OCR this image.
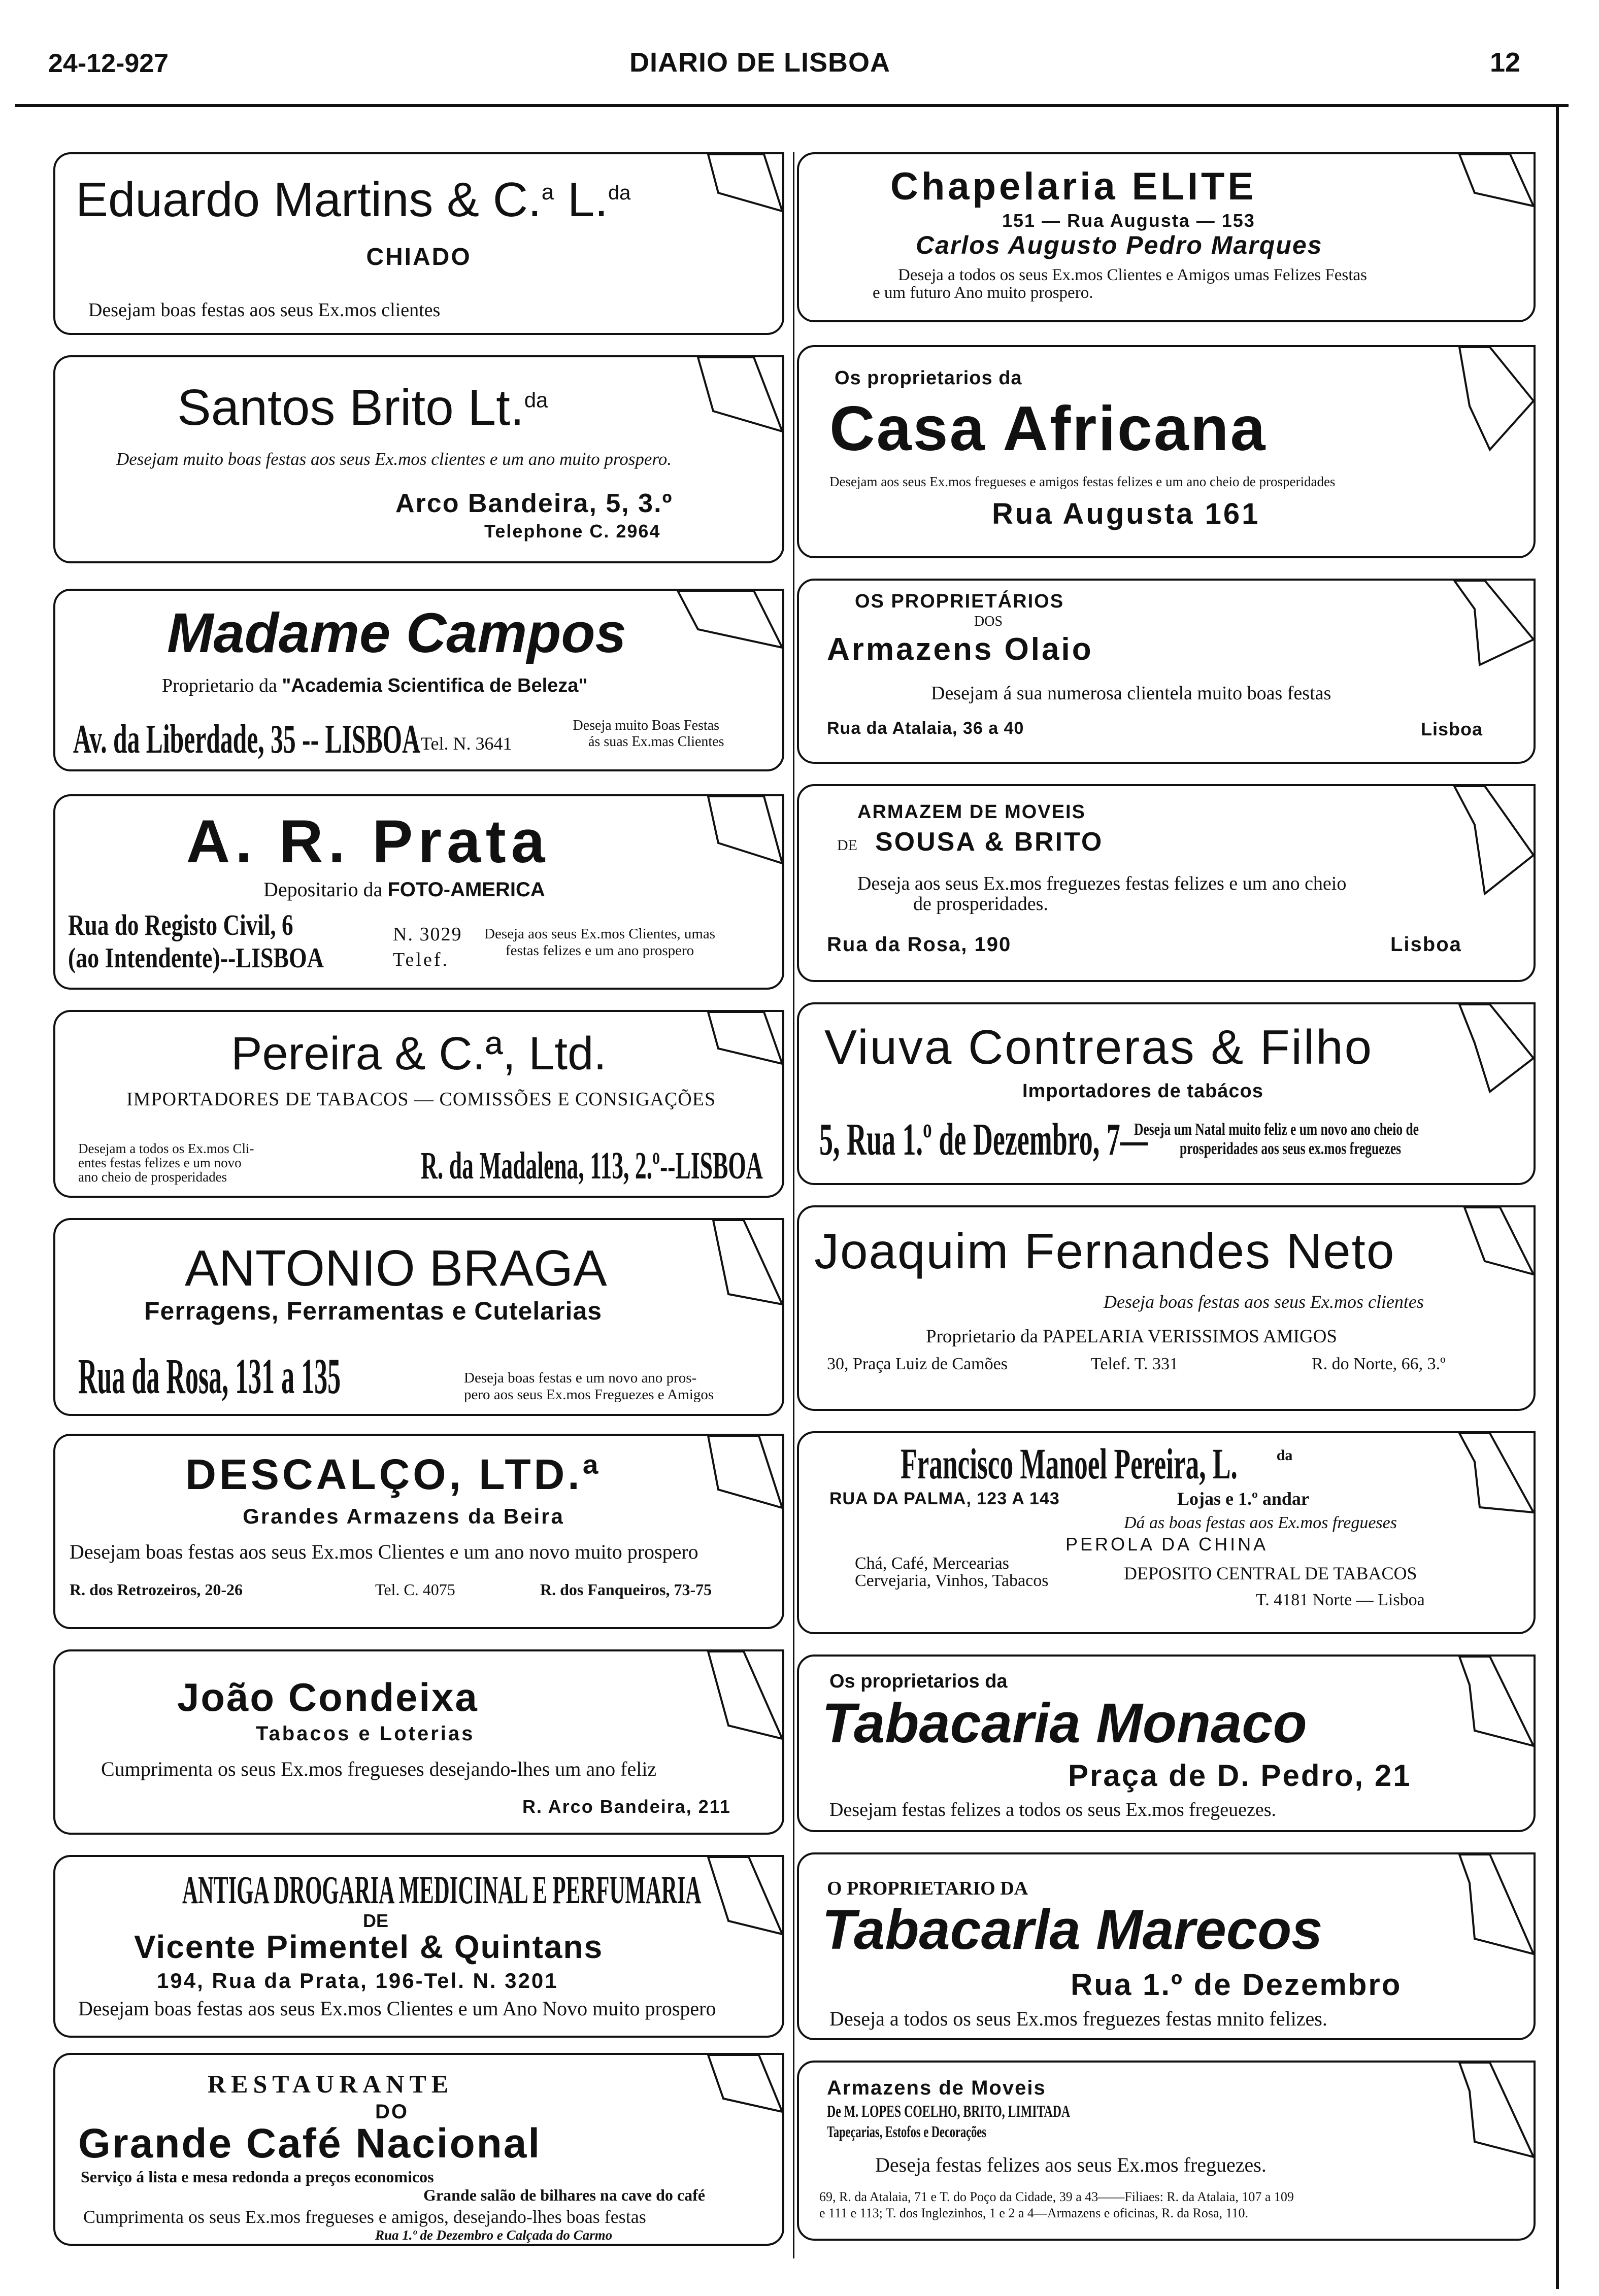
24-12-927	DIARIO DE LISBOA	12
Eduardo Martins & C.$^a$ L.$^{da}$
CHIADO
Desejam boas festas aos seus Ex.mos clientes
Santos Brito Lt.$^{da}$
Desejam muito boas festas aos seus Ex.mos clientes e um ano muito prospero.
Arco Bandeira, 5, 3.º
Telephone C. 2964
Madame Campos
Proprietario da "Academia Scientifica de Beleza"
Av. da Liberdade, 35 -- LISBOA Tel. N. 3641
Deseja muito Boas Festas
ás suas Ex.mas Clientes
A. R. Prata
Depositario da FOTO-AMERICA
Rua do Registo Civil, 6
(ao Intendente)--LISBOA
N. 3029
Telef.
Deseja aos seus Ex.mos Clientes, umas
festas felizes e um ano prospero
Pereira & C.ª, Ltd.
IMPORTADORES DE TABACOS — COMISSÕES E CONSIGAÇÕES
Desejam a todos os Ex.mos Cli-
entes festas felizes e um novo
ano cheio de prosperidades	R. da Madalena, 113, 2.º--LISBOA
ANTONIO BRAGA
Ferragens, Ferramentas e Cutelarias
Rua da Rosa, 131 a 135	Deseja boas festas e um novo ano pros-
pero aos seus Ex.mos Freguezes e Amigos
DESCALÇO, LTD.ª
Grandes Armazens da Beira
Desejam boas festas aos seus Ex.mos Clientes e um ano novo muito prospero
R. dos Retrozeiros, 20-26	Tel. C. 4075	R. dos Fanqueiros, 73-75
João Condeixa
Tabacos e Loterias
Cumprimenta os seus Ex.mos fregueses desejando-lhes um ano feliz
R. Arco Bandeira, 211
ANTIGA DROGARIA MEDICINAL E PERFUMARIA
DE
Vicente Pimentel & Quintans
194, Rua da Prata, 196-Tel. N. 3201
Desejam boas festas aos seus Ex.mos Clientes e um Ano Novo muito prospero
RESTAURANTE
DO
Grande Café Nacional
Serviço á lista e mesa redonda a preços economicos
Grande salão de bilhares na cave do café
Cumprimenta os seus Ex.mos fregueses e amigos, desejando-lhes boas festas
Rua 1.º de Dezembro e Calçada do Carmo
Chapelaria ELITE
151 — Rua Augusta — 153
Carlos Augusto Pedro Marques
Deseja a todos os seus Ex.mos Clientes e Amigos umas Felizes Festas
e um futuro Ano muito prospero.
Os proprietarios da
Casa Africana
Desejam aos seus Ex.mos fregueses e amigos festas felizes e um ano cheio de prosperidades
Rua Augusta 161
OS PROPRIETÁRIOS
DOS
Armazens Olaio
Desejam á sua numerosa clientela muito boas festas
Rua da Atalaia, 36 a 40	Lisboa
ARMAZEM DE MOVEIS
DE SOUSA & BRITO
Deseja aos seus Ex.mos freguezes festas felizes e um ano cheio
de prosperidades.
Rua da Rosa, 190	Lisboa
Viuva Contreras & Filho
Importadores de tabácos
5, Rua 1.º de Dezembro, 7—
Deseja um Natal muito feliz e um novo ano cheio de
prosperidades aos seus ex.mos freguezes
Joaquim Fernandes Neto
Deseja boas festas aos seus Ex.mos clientes
Proprietario da PAPELARIA VERISSIMOS AMIGOS
30, Praça Luiz de Camões	Telef. T. 331	R. do Norte, 66, 3.º
Francisco Manoel Pereira, L.	$^{da}$
RUA DA PALMA, 123 A 143	Lojas e 1.º andar
Dá as boas festas aos Ex.mos fregueses
PEROLA DA CHINA
Chá, Café, Mercearias
Cervejaria, Vinhos, Tabacos	DEPOSITO CENTRAL DE TABACOS
T. 4181 Norte — Lisboa
Os proprietarios da
Tabacaria Monaco
Praça de D. Pedro, 21
Desejam festas felizes a todos os seus Ex.mos fregeuezes.
O PROPRIETARIO DA
Tabacarla Marecos
Rua 1.º de Dezembro
Deseja a todos os seus Ex.mos freguezes festas mnito felizes.
Armazens de Moveis
De M. LOPES COELHO, BRITO, LIMITADA
Tapeçarias, Estofos e Decorações
Deseja festas felizes aos seus Ex.mos freguezes.
69, R. da Atalaia, 71 e T. do Poço da Cidade, 39 a 43——Filiaes: R. da Atalaia, 107 a 109
e 111 e 113; T. dos Inglezinhos, 1 e 2 a 4—Armazens e oficinas, R. da Rosa, 110.
